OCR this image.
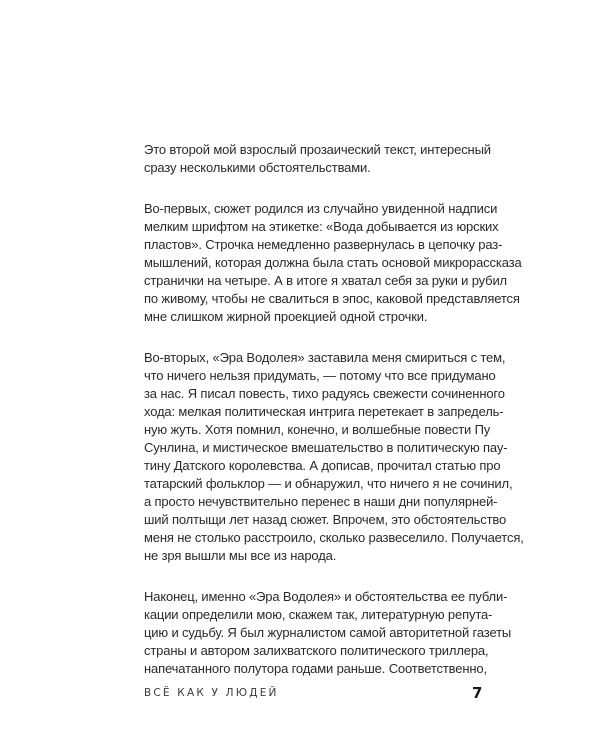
Это второй мой взрослый прозаический текст, интересный
сразу несколькими обстоятельствами.
Во-первых, сюжет родился из случайно увиденной надписи
мелким шрифтом на этикетке: «Вода добывается из юрских
пластов». Строчка немедленно развернулась в цепочку раз-
мышлений, которая должна была стать основой микрорассказа
странички на четыре. А в итоге я хватал себя за руки и рубил
по живому, чтобы не свалиться в эпос, каковой представляется
мне слишком жирной проекцией одной строчки.
Во-вторых, «Эра Водолея» заставила меня смириться с тем,
что ничего нельзя придумать, — потому что все придумано
за нас. Я писал повесть, тихо радуясь свежести сочиненного
хода: мелкая политическая интрига перетекает в запредель-
ную жуть. Хотя помнил, конечно, и волшебные повести Пу
Сунлина, и мистическое вмешательство в политическую пау-
тину Датского королевства. А дописав, прочитал статью про
татарский фольклор — и обнаружил, что ничего я не сочинил,
а просто нечувствительно перенес в наши дни популярней-
ший полтыщи лет назад сюжет. Впрочем, это обстоятельство
меня не столько расстроило, сколько развеселило. Получается,
не зря вышли мы все из народа.
Наконец, именно «Эра Водолея» и обстоятельства ее публи-
кации определили мою, скажем так, литературную репута-
цию и судьбу. Я был журналистом самой авторитетной газеты
страны и автором залихватского политического триллера,
напечатанного полутора годами раньше. Соответственно,
ВСЁ КАК У ЛЮДЕЙ	7
